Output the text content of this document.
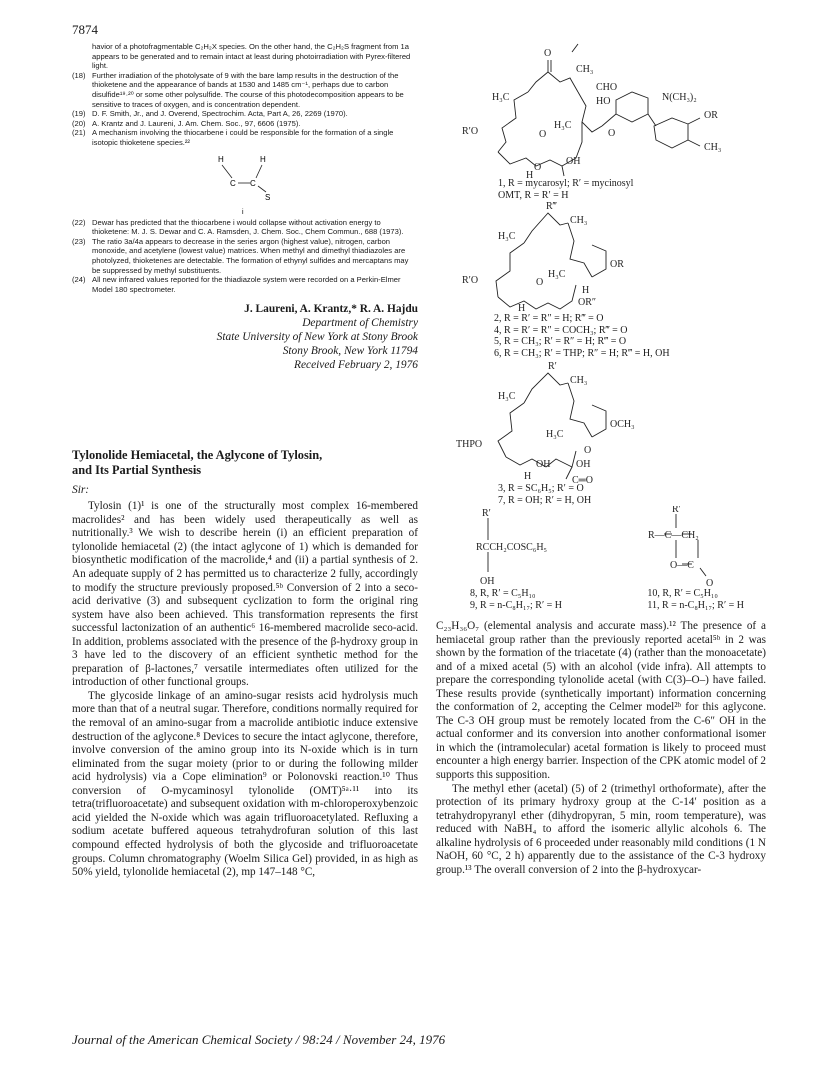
7874
havior of a photofragmentable C₂H₂X species. On the other hand, the C₂H₂S fragment from 1a appears to be generated and to remain intact at least during photoirradiation with Pyrex-filtered light.
(18) Further irradiation of the photolysate of 9 with the bare lamp results in the destruction of the thioketene and the appearance of bands at 1530 and 1485 cm⁻¹, perhaps due to carbon disulfide¹⁹·²⁰ or some other polysulfide. The course of this photodecomposition appears to be sensitive to traces of oxygen, and is concentration dependent.
(19) D. F. Smith, Jr., and J. Overend, Spectrochim. Acta, Part A, 26, 2269 (1970).
(20) A. Krantz and J. Laureni, J. Am. Chem. Soc., 97, 6606 (1975).
(21) A mechanism involving the thiocarbene i could be responsible for the formation of a single isotopic thioketene species.²²
H	H
C C
S
i
(22) Dewar has predicted that the thiocarbene i would collapse without activation energy to thioketene: M. J. S. Dewar and C. A. Ramsden, J. Chem. Soc., Chem Commun., 688 (1973).
(23) The ratio 3a/4a appears to decrease in the series argon (highest value), nitrogen, carbon monoxide, and acetylene (lowest value) matrices. When methyl and dimethyl thiadiazoles are photolyzed, thioketenes are detectable. The formation of ethynyl sulfides and mercaptans may be suppressed by methyl substituents.
(24) All new infrared values reported for the thiadiazole system were recorded on a Perkin-Elmer Model 180 spectrometer.
J. Laureni, A. Krantz,* R. A. Hajdu
Department of Chemistry
State University of New York at Stony Brook
Stony Brook, New York 11794
Received February 2, 1976
Tylonolide Hemiacetal, the Aglycone of Tylosin,
and Its Partial Synthesis
Sir:

Tylosin (1)¹ is one of the structurally most complex 16-membered macrolides² and has been widely used therapeutically as well as nutritionally.³ We wish to describe herein (i) an efficient preparation of tylonolide hemiacetal (2) (the intact aglycone of 1) which is demanded for biosynthetic modification of the macrolide,⁴ and (ii) a partial synthesis of 2. An adequate supply of 2 has permitted us to characterize 2 fully, accordingly to modify the structure previously proposed.⁵ᵇ Conversion of 2 into a seco-acid derivative (3) and subsequent cyclization to form the original ring system have also been achieved. This transformation represents the first successful lactonization of an authentic⁶ 16-membered macrolide seco-acid. In addition, problems associated with the presence of the β-hydroxy group in 3 have led to the discovery of an efficient synthetic method for the preparation of β-lactones,⁷ versatile intermediates often utilized for the introduction of other functional groups.

The glycoside linkage of an amino-sugar resists acid hydrolysis much more than that of a neutral sugar. Therefore, conditions normally required for the removal of an amino-sugar from a macrolide antibiotic induce extensive destruction of the aglycone.⁸ Devices to secure the intact aglycone, therefore, involve conversion of the amino group into its N-oxide which is in turn eliminated from the sugar moiety (prior to or during the following milder acid hydrolysis) via a Cope elimination⁹ or Polonovski reaction.¹⁰ Thus conversion of O-mycaminosyl tylonolide (OMT)⁵ᵃ·¹¹ into its tetra(trifluoroacetate) and subsequent oxidation with m-chloroperoxybenzoic acid yielded the N-oxide which was again trifluoroacetylated. Refluxing a sodium acetate buffered aqueous tetrahydrofuran solution of this last compound effected hydrolysis of both the glycoside and trifluoroacetate groups. Column chromatography (Woelm Silica Gel) provided, in as high as 50% yield, tylonolide hemiacetal (2), mp 147–148 °C,

O
CH₃
H₃C
CHO
HO	N(CH₃)₂
OR
H₃C
R′O	O	O
CH₃
O
OH
H
1, R = mycarosyl; R′ = mycinosyl
OMT, R = R′ = H
R‴
CH₃
H₃C
OR
H₃C
R′O	O
H
OR″
H
2, R = R′ = R″ = H; R‴ = O
4, R = R′ = R″ = COCH₃; R‴ = O
5, R = CH₃; R′ = R″ = H; R‴ = O
6, R = CH₃; R′ = THP; R″ = H; R‴ = H, OH
R′
CH₃
H₃C
OCH₃
H₃C
THPO
O
OH	OH
H	C═O
3, R = SC₆H₅; R′ = O
7, R = OH; R′ = H, OH
R′
RCCH₂COSC₆H₅
OH
R′
R—C—CH₂
O—C
O
8, R, R′ = C₅H₁₀
9, R = n-C₈H₁₇; R′ = H
10, R, R′ = C₅H₁₀
11, R = n-C₈H₁₇; R′ = H

C₂₃H₃₆O₇ (elemental analysis and accurate mass).¹² The presence of a hemiacetal group rather than the previously reported acetal⁵ᵇ in 2 was shown by the formation of the triacetate (4) (rather than the monoacetate) and of a mixed acetal (5) with an alcohol (vide infra). All attempts to prepare the corresponding tylonolide acetal (with C(3)–O–) have failed. These results provide (synthetically important) information concerning the conformation of 2, accepting the Celmer model²ᵇ for this aglycone. The C-3 OH group must be remotely located from the C-6″ OH in the actual conformer and its conversion into another conformational isomer in which the (intramolecular) acetal formation is likely to proceed must encounter a high energy barrier. Inspection of the CPK atomic model of 2 supports this supposition.

The methyl ether (acetal) (5) of 2 (trimethyl orthoformate), after the protection of its primary hydroxy group at the C-14′ position as a tetrahydropyranyl ether (dihydropyran, 5 min, room temperature), was reduced with NaBH₄ to afford the isomeric allylic alcohols 6. The alkaline hydrolysis of 6 proceeded under reasonably mild conditions (1 N NaOH, 60 °C, 2 h) apparently due to the assistance of the C-3 hydroxy group.¹³ The overall conversion of 2 into the β-hydroxycar-

Journal of the American Chemical Society / 98:24 / November 24, 1976
